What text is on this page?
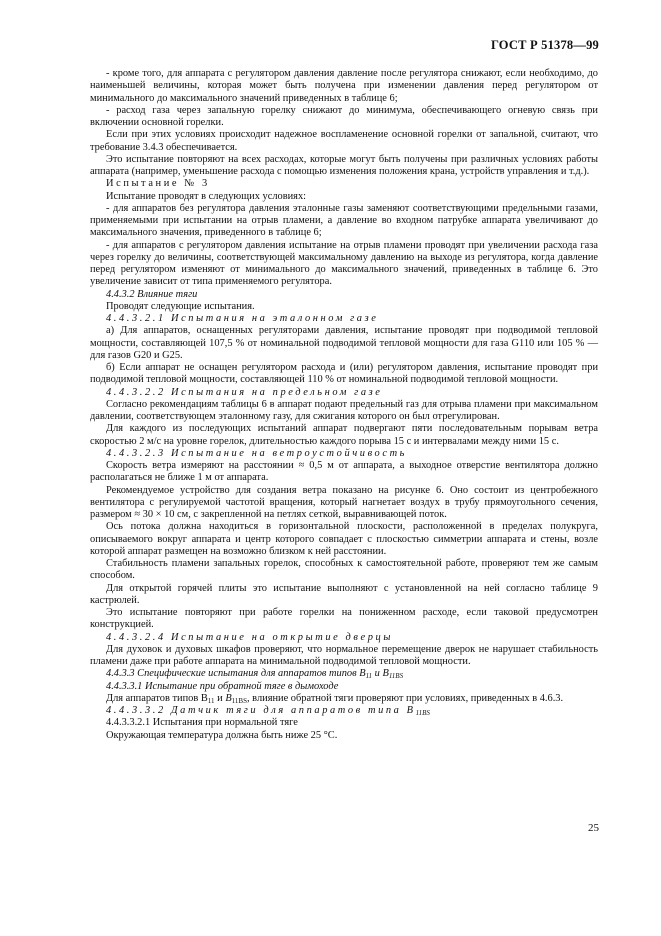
ГОСТ Р 51378—99

- кроме того, для аппарата с регулятором давления давление после регулятора снижают, если необходимо, до наименьшей величины, которая может быть получена при изменении давления перед регулятором от минимального до максимального значений приведенных в таблице 6;

- расход газа через запальную горелку снижают до минимума, обеспечивающего огневую связь при включении основной горелки.

Если при этих условиях происходит надежное воспламенение основной горелки от запальной, считают, что требование 3.4.3 обеспечивается.

Это испытание повторяют на всех расходах, которые могут быть получены при различных условиях работы аппарата (например, уменьшение расхода с помощью изменения положения крана, устройств управления и т.д.).

Испытание № 3

Испытание проводят в следующих условиях:

- для аппаратов без регулятора давления эталонные газы заменяют соответствующими предельными газами, применяемыми при испытании на отрыв пламени, а давление во входном патрубке аппарата увеличивают до максимального значения, приведенного в таблице 6;

- для аппаратов с регулятором давления испытание на отрыв пламени проводят при увеличении расхода газа через горелку до величины, соответствующей максимальному давлению на выходе из регулятора, когда давление перед регулятором изменяют от минимального до максимального значений, приведенных в таблице 6. Это увеличение зависит от типа применяемого регулятора.

4.4.3.2 Влияние тяги

Проводят следующие испытания.

4.4.3.2.1 Испытания на эталонном газе

а) Для аппаратов, оснащенных регуляторами давления, испытание проводят при подводимой тепловой мощности, составляющей 107,5 % от номинальной подводимой тепловой мощности для газа G110 или 105 % — для газов G20 и G25.

б) Если аппарат не оснащен регулятором расхода и (или) регулятором давления, испытание проводят при подводимой тепловой мощности, составляющей 110 % от номинальной подводимой тепловой мощности.

4.4.3.2.2 Испытания на предельном газе

Согласно рекомендациям таблицы 6 в аппарат подают предельный газ для отрыва пламени при максимальном давлении, соответствующем эталонному газу, для сжигания которого он был отрегулирован.

Для каждого из последующих испытаний аппарат подвергают пяти последовательным порывам ветра скоростью 2 м/с на уровне горелок, длительностью каждого порыва 15 с и интервалами между ними 15 с.

4.4.3.2.3 Испытание на ветроустойчивость

Скорость ветра измеряют на расстоянии ≈ 0,5 м от аппарата, а выходное отверстие вентилятора должно располагаться не ближе 1 м от аппарата.

Рекомендуемое устройство для создания ветра показано на рисунке 6. Оно состоит из центробежного вентилятора с регулируемой частотой вращения, который нагнетает воздух в трубу прямоугольного сечения, размером ≈ 30 × 10 см, с закрепленной на петлях сеткой, выравнивающей поток.

Ось потока должна находиться в горизонтальной плоскости, расположенной в пределах полукруга, описываемого вокруг аппарата и центр которого совпадает с плоскостью симметрии аппарата и стены, возле которой аппарат размещен на возможно близком к ней расстоянии.

Стабильность пламени запальных горелок, способных к самостоятельной работе, проверяют тем же самым способом.

Для открытой горячей плиты это испытание выполняют с установленной на ней согласно таблице 9 кастрюлей.

Это испытание повторяют при работе горелки на пониженном расходе, если таковой предусмотрен конструкцией.

4.4.3.2.4 Испытание на открытие дверцы

Для духовок и духовых шкафов проверяют, что нормальное перемещение дверок не нарушает стабильность пламени даже при работе аппарата на минимальной подводимой тепловой мощности.

4.4.3.3 Специфические испытания для аппаратов типов $B_{11}$ и $B_{11BS}$

4.4.3.3.1 Испытание при обратной тяге в дымоходе

Для аппаратов типов $B_{11}$ и $B_{11BS}$, влияние обратной тяги проверяют при условиях, приведенных в 4.6.3.

4.4.3.3.2 Датчик тяги для аппаратов типа $B_{11BS}$

4.4.3.3.2.1 Испытания при нормальной тяге

Окружающая температура должна быть ниже 25 °С.

25
